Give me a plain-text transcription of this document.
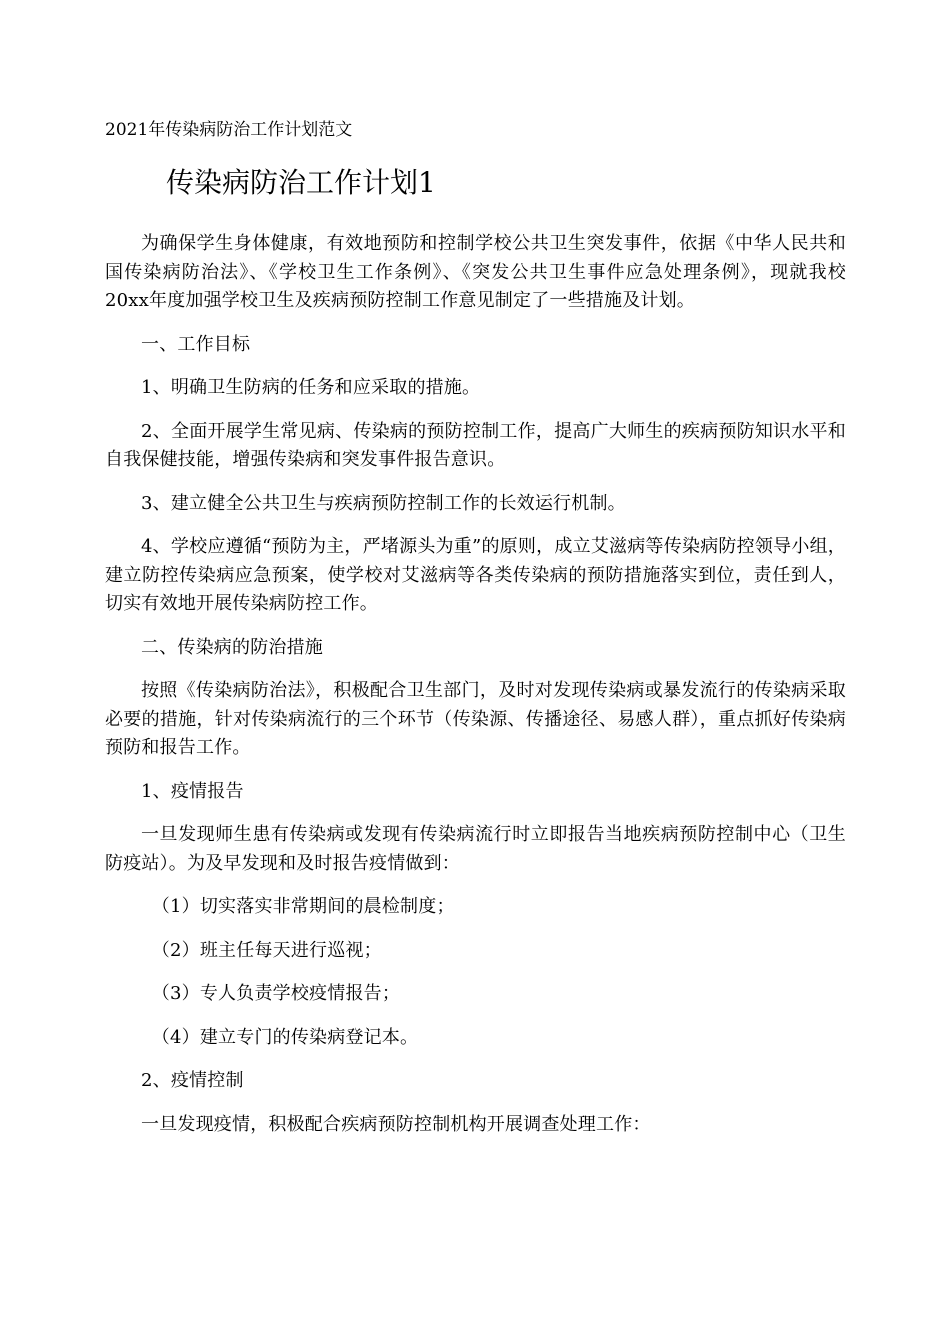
2021年传染病防治工作计划范文
传染病防治工作计划1

为确保学生身体健康，有效地预防和控制学校公共卫生突发事件，依据《中华人民共和国传染病防治法》、《学校卫生工作条例》、《突发公共卫生事件应急处理条例》，现就我校20xx年度加强学校卫生及疾病预防控制工作意见制定了一些措施及计划。

一、工作目标

1、明确卫生防病的任务和应采取的措施。

2、全面开展学生常见病、传染病的预防控制工作，提高广大师生的疾病预防知识水平和自我保健技能，增强传染病和突发事件报告意识。

3、建立健全公共卫生与疾病预防控制工作的长效运行机制。

4、学校应遵循“预防为主，严堵源头为重”的原则，成立艾滋病等传染病防控领导小组，建立防控传染病应急预案，使学校对艾滋病等各类传染病的预防措施落实到位，责任到人，切实有效地开展传染病防控工作。

二、传染病的防治措施

按照《传染病防治法》，积极配合卫生部门，及时对发现传染病或暴发流行的传染病采取必要的措施，针对传染病流行的三个环节（传染源、传播途径、易感人群），重点抓好传染病预防和报告工作。

1、疫情报告

一旦发现师生患有传染病或发现有传染病流行时立即报告当地疾病预防控制中心（卫生防疫站）。为及早发现和及时报告疫情做到：

（1）切实落实非常期间的晨检制度；

（2）班主任每天进行巡视；

（3）专人负责学校疫情报告；

（4）建立专门的传染病登记本。

2、疫情控制

一旦发现疫情，积极配合疾病预防控制机构开展调查处理工作：
